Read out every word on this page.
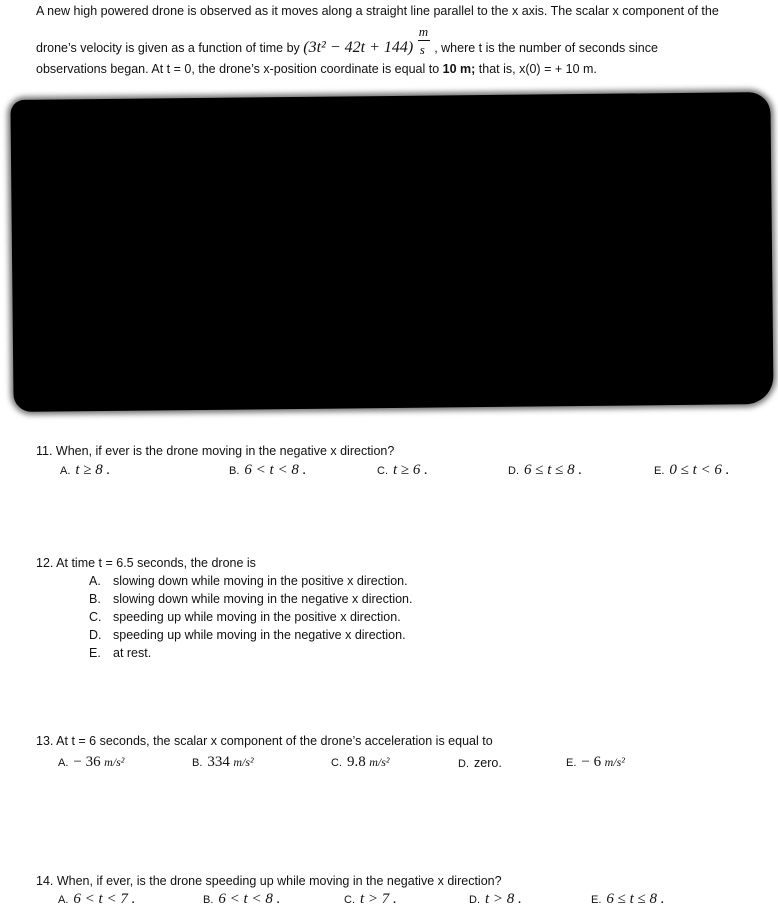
A new high powered drone is observed as it moves along a straight line parallel to the x axis. The scalar x component of the
drone’s velocity is given as a function of time by $(3t^2 - 42t + 144) \frac{m}{s}$ , where t is the number of seconds since
observations began. At t = 0, the drone’s x-position coordinate is equal to 10 m; that is, x(0) = + 10 m.
11. When, if ever is the drone moving in the negative x direction?
A. t ≥ 8 .	B. 6 < t < 8 .	C. t ≥ 6 .	D. 6 ≤ t ≤ 8 .	E. 0 ≤ t < 6 .
12. At time t = 6.5 seconds, the drone is
A. slowing down while moving in the positive x direction.
B. slowing down while moving in the negative x direction.
C. speeding up while moving in the positive x direction.
D. speeding up while moving in the negative x direction.
E. at rest.
13. At t = 6 seconds, the scalar x component of the drone’s acceleration is equal to
A. − 36 m/s²	B. 334 m/s²	C. 9.8 m/s²	D. zero.	E. − 6 m/s²
14. When, if ever, is the drone speeding up while moving in the negative x direction?
A. 6 < t < 7 .	B. 6 < t < 8 .	C. t > 7 .	D. t > 8 .	E. 6 ≤ t ≤ 8 .
